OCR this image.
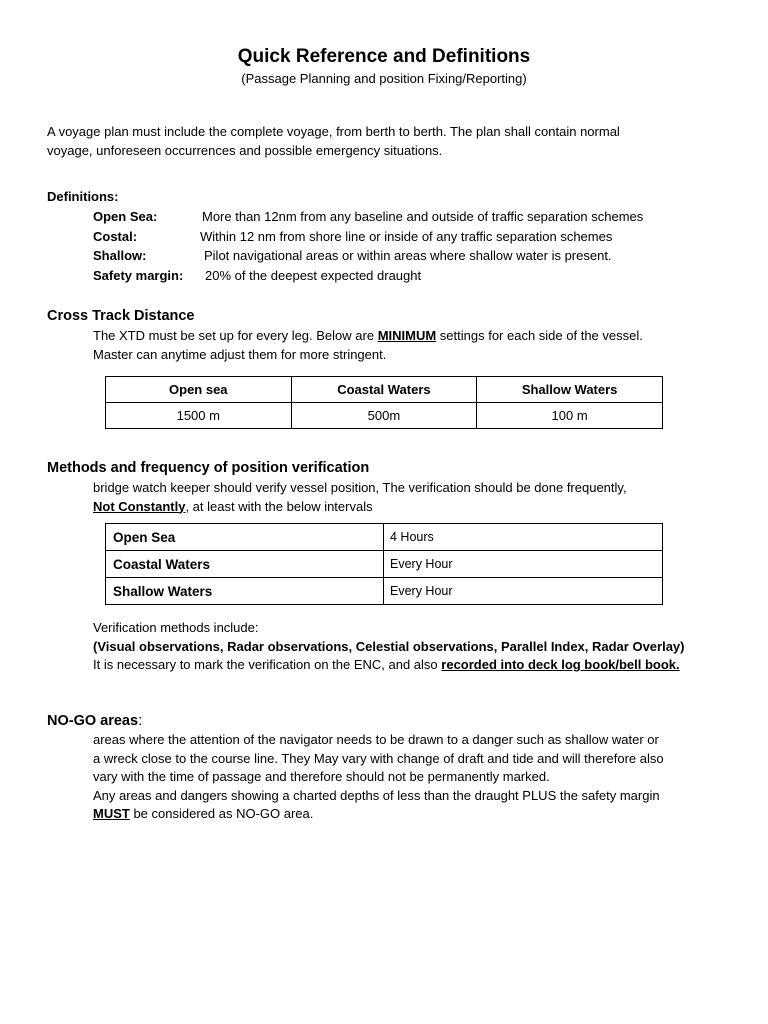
Quick Reference and Definitions

(Passage Planning and position Fixing/Reporting)

A voyage plan must include the complete voyage, from berth to berth. The plan shall contain normal
voyage, unforeseen occurrences and possible emergency situations.

Definitions:
Open Sea:	More than 12nm from any baseline and outside of traffic separation schemes
Costal:	Within 12 nm from shore line or inside of any traffic separation schemes
Shallow:	Pilot navigational areas or within areas where shallow water is present.
Safety margin: 20% of the deepest expected draught
Cross Track Distance

The XTD must be set up for every leg. Below are MINIMUM settings for each side of the vessel.
Master can anytime adjust them for more stringent.

Open sea	Coastal Waters	Shallow Waters
1500 m	500m	100 m
Methods and frequency of position verification

bridge watch keeper should verify vessel position, The verification should be done frequently,
Not Constantly, at least with the below intervals

Open Sea	4 Hours
Coastal Waters	Every Hour
Shallow Waters	Every Hour

Verification methods include:
(Visual observations, Radar observations, Celestial observations, Parallel Index, Radar Overlay)
It is necessary to mark the verification on the ENC, and also recorded into deck log book/bell book.

NO-GO areas:

areas where the attention of the navigator needs to be drawn to a danger such as shallow water or
a wreck close to the course line. They May vary with change of draft and tide and will therefore also
vary with the time of passage and therefore should not be permanently marked.
Any areas and dangers showing a charted depths of less than the draught PLUS the safety margin
MUST be considered as NO-GO area.
